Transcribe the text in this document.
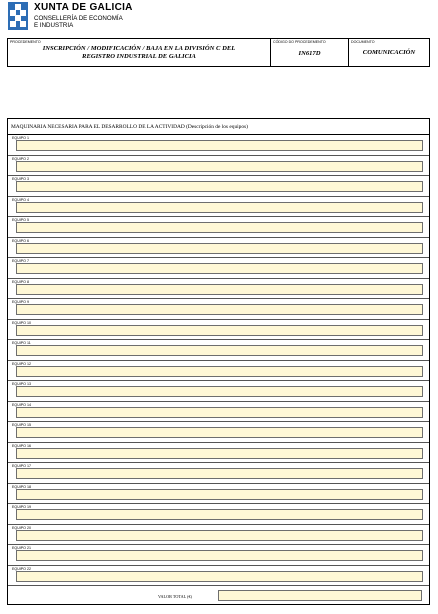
XUNTA DE GALICIA
CONSELLERÍA DE ECONOMÍA
E INDUSTRIA
PROCEDEMENTO
INSCRIPCIÓN / MODIFICACIÓN / BAJA EN LA DIVISIÓN C DEL
REGISTRO INDUSTRIAL DE GALICIA
CÓDIGO DO PROCEDEMENTO
IN617D
DOCUMENTO
COMUNICACIÓN
MAQUINARIA NECESARIA PARA EL DESARROLLO DE LA ACTIVIDAD (Descripción de los equipos)
EQUIPO 1
EQUIPO 2
EQUIPO 3
EQUIPO 4
EQUIPO 5
EQUIPO 6
EQUIPO 7
EQUIPO 8
EQUIPO 9
EQUIPO 10
EQUIPO 11
EQUIPO 12
EQUIPO 13
EQUIPO 14
EQUIPO 15
EQUIPO 16
EQUIPO 17
EQUIPO 18
EQUIPO 19
EQUIPO 20
EQUIPO 21
EQUIPO 22
VALOR TOTAL (€)
